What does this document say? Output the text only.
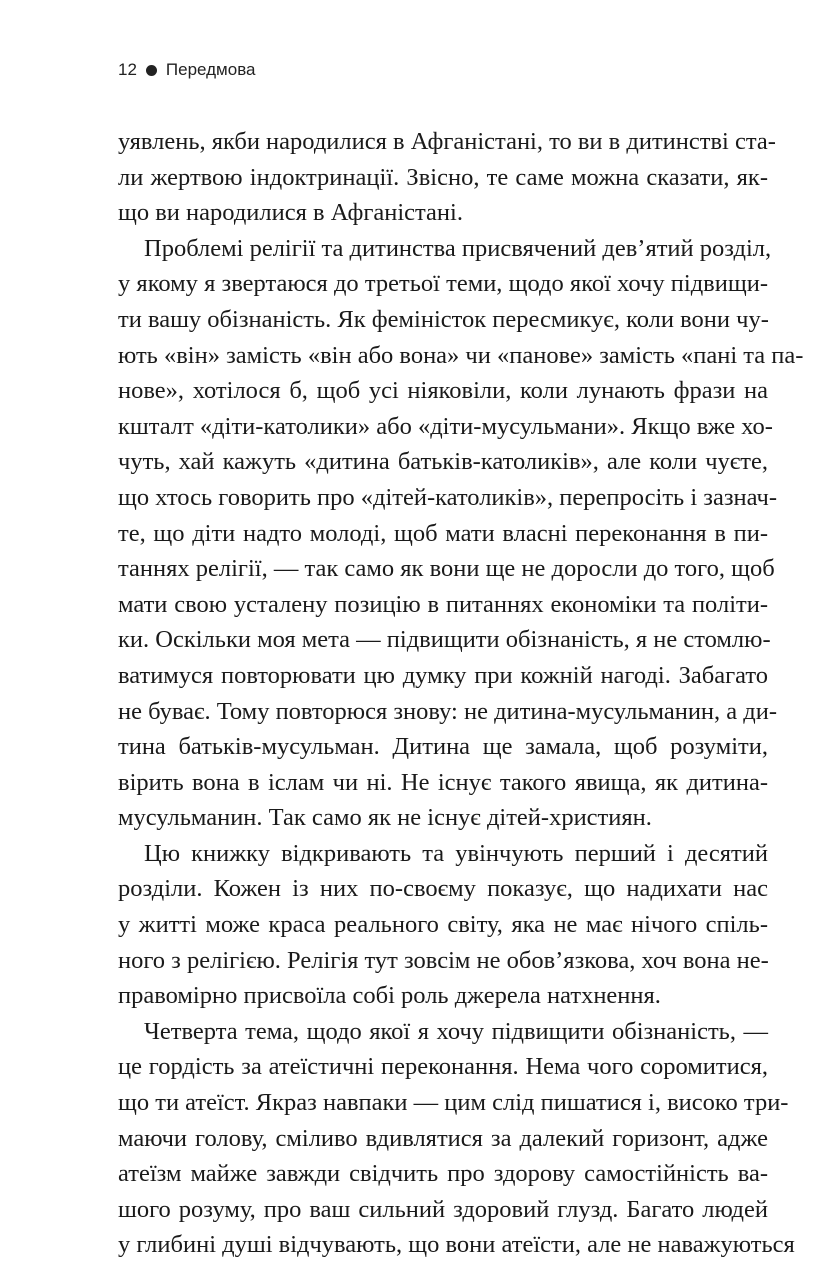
12 Передмова

уявлень, якби народилися в Афганістані, то ви в дитинстві ста-
ли жертвою індоктринації. Звісно, те саме можна сказати, як-
що ви народилися в Афганістані.

Проблемі релігії та дитинства присвячений дев’ятий розділ,
у якому я звертаюся до третьої теми, щодо якої хочу підвищи-
ти вашу обізнаність. Як феміністок пересмикує, коли вони чу-
ють «він» замість «він або вона» чи «панове» замість «пані та па-
нове», хотілося б, щоб усі ніяковіли, коли лунають фрази на
кшталт «діти-католики» або «діти-мусульмани». Якщо вже хо-
чуть, хай кажуть «дитина батьків-католиків», але коли чуєте,
що хтось говорить про «дітей-католиків», перепросіть і зазнач-
те, що діти надто молоді, щоб мати власні переконання в пи-
таннях релігії, — так само як вони ще не доросли до того, щоб
мати свою усталену позицію в питаннях економіки та політи-
ки. Оскільки моя мета — підвищити обізнаність, я не стомлю-
ватимуся повторювати цю думку при кожній нагоді. Забагато
не буває. Тому повторюся знову: не дитина-мусульманин, а ди-
тина батьків-мусульман. Дитина ще замала, щоб розуміти,
вірить вона в іслам чи ні. Не існує такого явища, як дитина-
мусульманин. Так само як не існує дітей-християн.

Цю книжку відкривають та увінчують перший і десятий
розділи. Кожен із них по-своєму показує, що надихати нас
у житті може краса реального світу, яка не має нічого спіль-
ного з релігією. Релігія тут зовсім не обов’язкова, хоч вона не-
правомірно присвоїла собі роль джерела натхнення.

Четверта тема, щодо якої я хочу підвищити обізнаність, —
це гордість за атеїстичні переконання. Нема чого соромитися,
що ти атеїст. Якраз навпаки — цим слід пишатися і, високо три-
маючи голову, сміливо вдивлятися за далекий горизонт, адже
атеїзм майже завжди свідчить про здорову самостійність ва-
шого розуму, про ваш сильний здоровий глузд. Багато людей
у глибині душі відчувають, що вони атеїсти, але не наважуються
